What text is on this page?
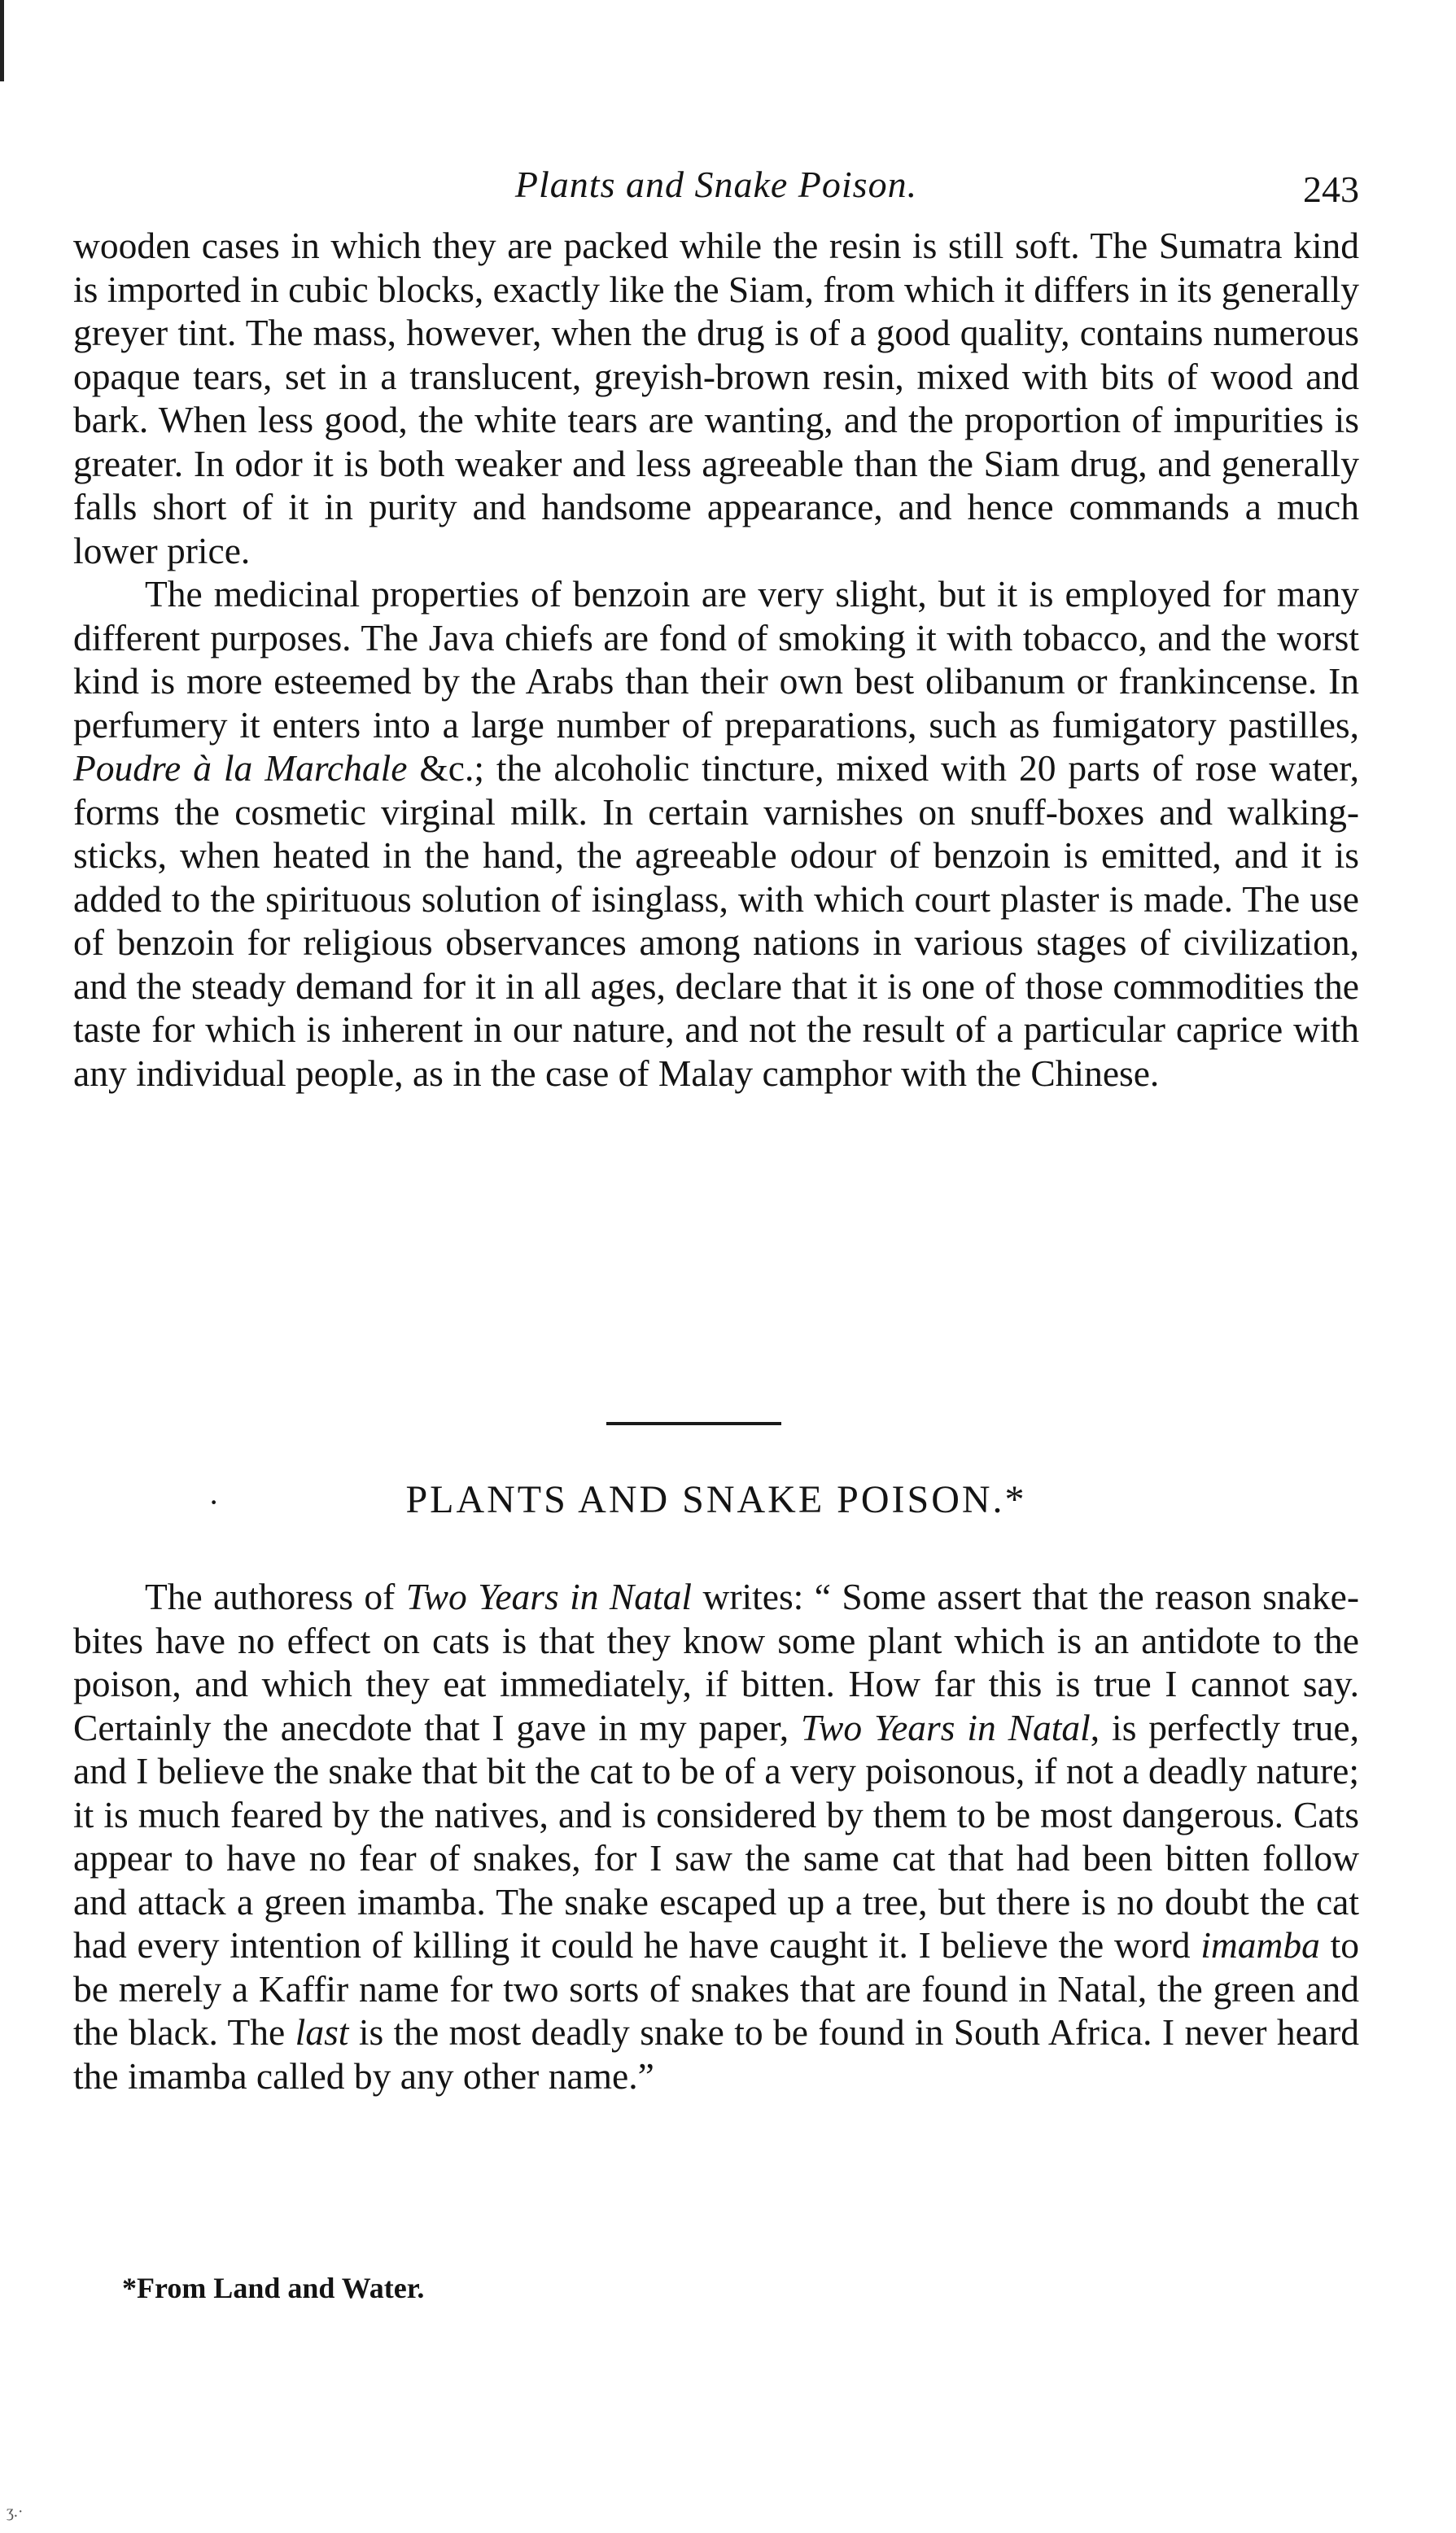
Plants and Snake Poison.	243

wooden cases in which they are packed while the resin is still soft. The Sumatra kind is imported in cubic blocks, exactly like the Siam, from which it differs in its generally greyer tint. The mass, however, when the drug is of a good quality, contains numerous opaque tears, set in a translucent, greyish-brown resin, mixed with bits of wood and bark. When less good, the white tears are wanting, and the proportion of impurities is greater. In odor it is both weaker and less agreeable than the Siam drug, and generally falls short of it in purity and handsome appearance, and hence commands a much lower price.

The medicinal properties of benzoin are very slight, but it is employed for many different purposes. The Java chiefs are fond of smoking it with tobacco, and the worst kind is more esteemed by the Arabs than their own best olibanum or frankincense. In perfumery it enters into a large number of preparations, such as fumigatory pastilles, Poudre à la Marchale &c.; the alcoholic tincture, mixed with 20 parts of rose water, forms the cosmetic virginal milk. In certain varnishes on snuff-boxes and walking-sticks, when heated in the hand, the agreeable odour of benzoin is emitted, and it is added to the spirituous solution of isinglass, with which court plaster is made. The use of benzoin for religious observances among nations in various stages of civilization, and the steady demand for it in all ages, declare that it is one of those commodities the taste for which is inherent in our nature, and not the result of a particular caprice with any individual people, as in the case of Malay camphor with the Chinese.

·	PLANTS AND SNAKE POISON.*

The authoress of Two Years in Natal writes: “ Some assert that the reason snake-bites have no effect on cats is that they know some plant which is an antidote to the poison, and which they eat immediately, if bitten. How far this is true I cannot say. Certainly the anecdote that I gave in my paper, Two Years in Natal, is perfectly true, and I believe the snake that bit the cat to be of a very poisonous, if not a deadly nature; it is much feared by the natives, and is considered by them to be most dangerous. Cats appear to have no fear of snakes, for I saw the same cat that had been bitten follow and attack a green imamba. The snake escaped up a tree, but there is no doubt the cat had every intention of killing it could he have caught it. I believe the word imamba to be merely a Kaffir name for two sorts of snakes that are found in Natal, the green and the black. The last is the most deadly snake to be found in South Africa. I never heard the imamba called by any other name.”

*From Land and Water.
ʒ.·
